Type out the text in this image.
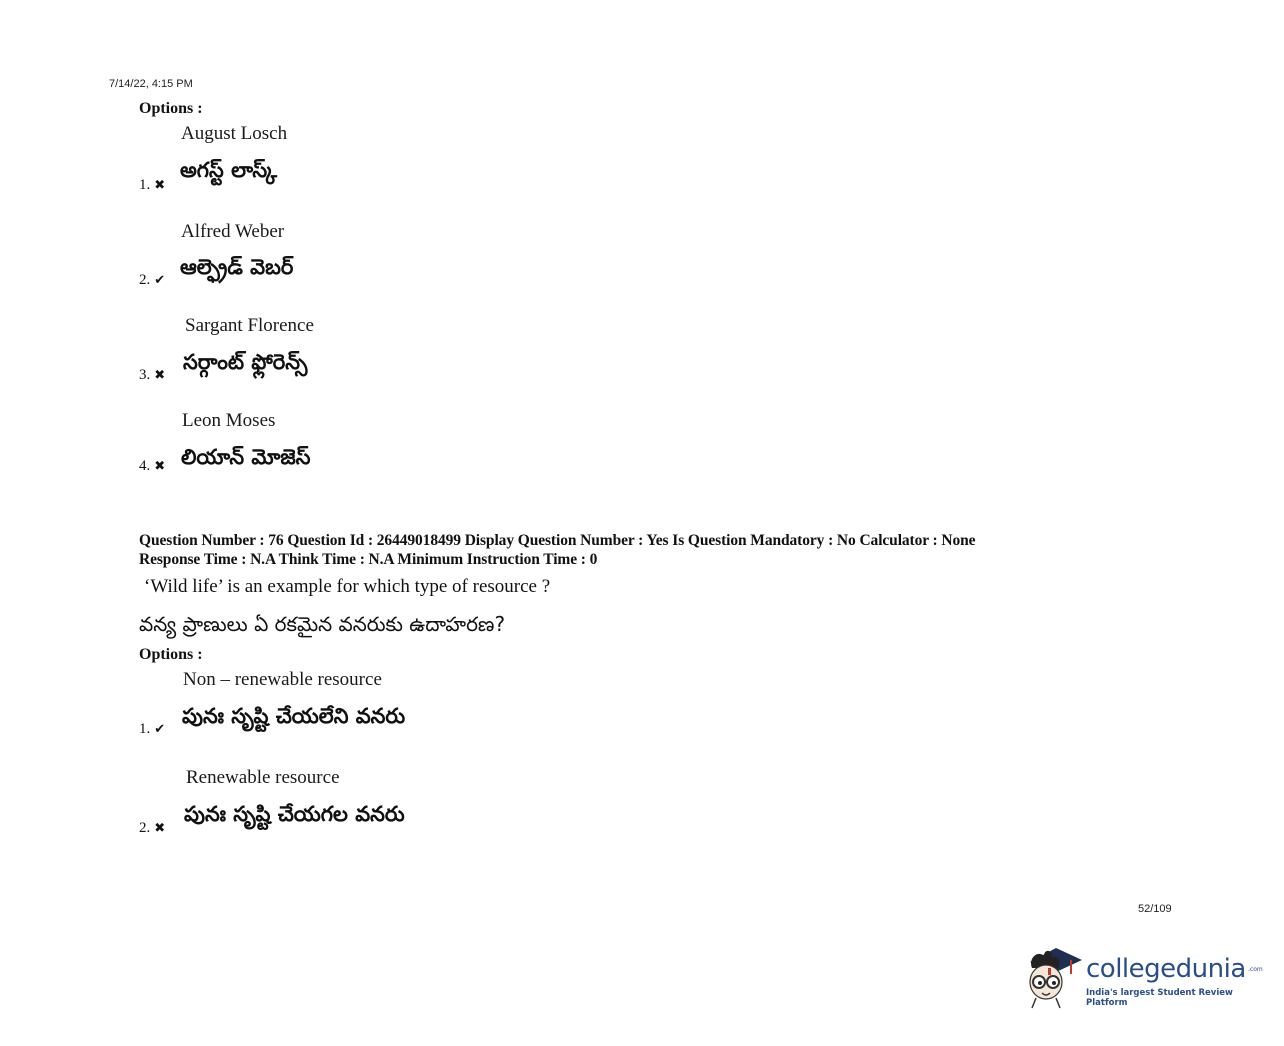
7/14/22, 4:15 PM
Options :
August Losch
అగస్ట్ లాస్క్
1. ✖
Alfred Weber
ఆల్ఫ్రెడ్ వెబర్
2. ✔
Sargant Florence
సర్గాంట్ ఫ్లోరెన్స్
3. ✖
Leon Moses
లియాన్ మోజెస్
4. ✖
Question Number : 76 Question Id : 26449018499 Display Question Number : Yes Is Question Mandatory : No Calculator : None
Response Time : N.A Think Time : N.A Minimum Instruction Time : 0
‘Wild life’ is an example for which type of resource ?
వన్య ప్రాణులు ఏ రకమైన వనరుకు ఉదాహరణ?
Options :
Non – renewable resource
పునః సృష్టి చేయలేని వనరు
1. ✔
Renewable resource
పునః సృష్టి చేయగల వనరు
2. ✖
52/109
collegedunia .com
India's largest Student Review Platform
